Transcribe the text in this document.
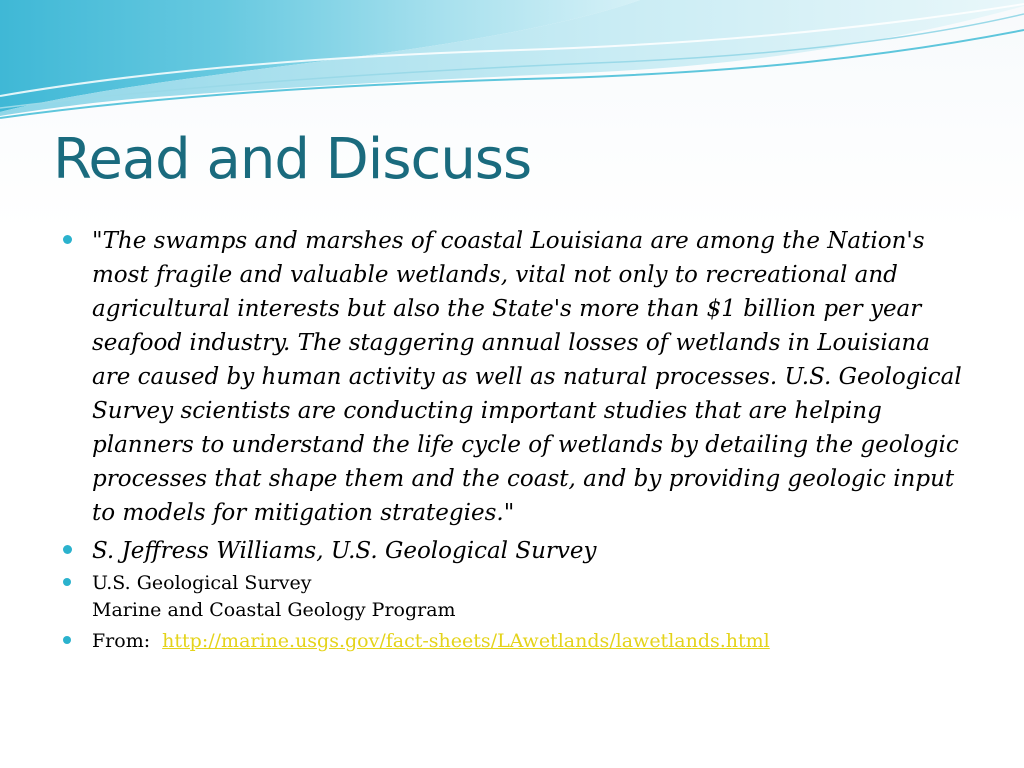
Read and Discuss
"The swamps and marshes of coastal Louisiana are among the Nation's most fragile and valuable wetlands, vital not only to recreational and agricultural interests but also the State's more than $1 billion per year seafood industry. The staggering annual losses of wetlands in Louisiana are caused by human activity as well as natural processes. U.S. Geological Survey scientists are conducting important studies that are helping planners to understand the life cycle of wetlands by detailing the geologic processes that shape them and the coast, and by providing geologic input to models for mitigation strategies."
S. Jeffress Williams, U.S. Geological Survey
U.S. Geological Survey
Marine and Coastal Geology Program
From: http://marine.usgs.gov/fact-sheets/LAwetlands/lawetlands.html
